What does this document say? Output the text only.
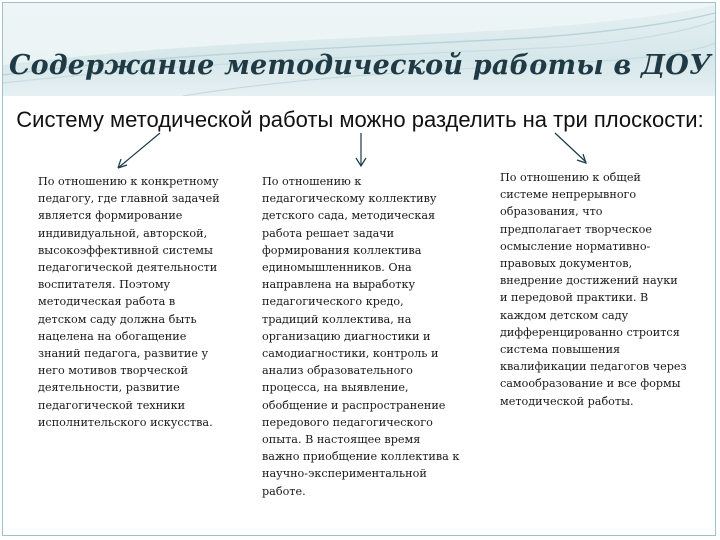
Содержание методической работы в ДОУ
Систему методической работы можно разделить на три плоскости:

По отношению к конкретному
педагогу, где главной задачей
является формирование
индивидуальной, авторской,
высокоэффективной системы
педагогической деятельности
воспитателя. Поэтому
методическая работа в
детском саду должна быть
нацелена на обогащение
знаний педагога, развитие у
него мотивов творческой
деятельности, развитие
педагогической техники
исполнительского искусства.

По отношению к
педагогическому коллективу
детского сада, методическая
работа решает задачи
формирования коллектива
единомышленников. Она
направлена на выработку
педагогического кредо,
традиций коллектива, на
организацию диагностики и
самодиагностики, контроль и
анализ образовательного
процесса, на выявление,
обобщение и распространение
передового педагогического
опыта. В настоящее время
важно приобщение коллектива к
научно-экспериментальной
работе.

По отношению к общей
системе непрерывного
образования, что
предполагает творческое
осмысление нормативно-
правовых документов,
внедрение достижений науки
и передовой практики. В
каждом детском саду
дифференцированно строится
система повышения
квалификации педагогов через
самообразование и все формы
методической работы.
